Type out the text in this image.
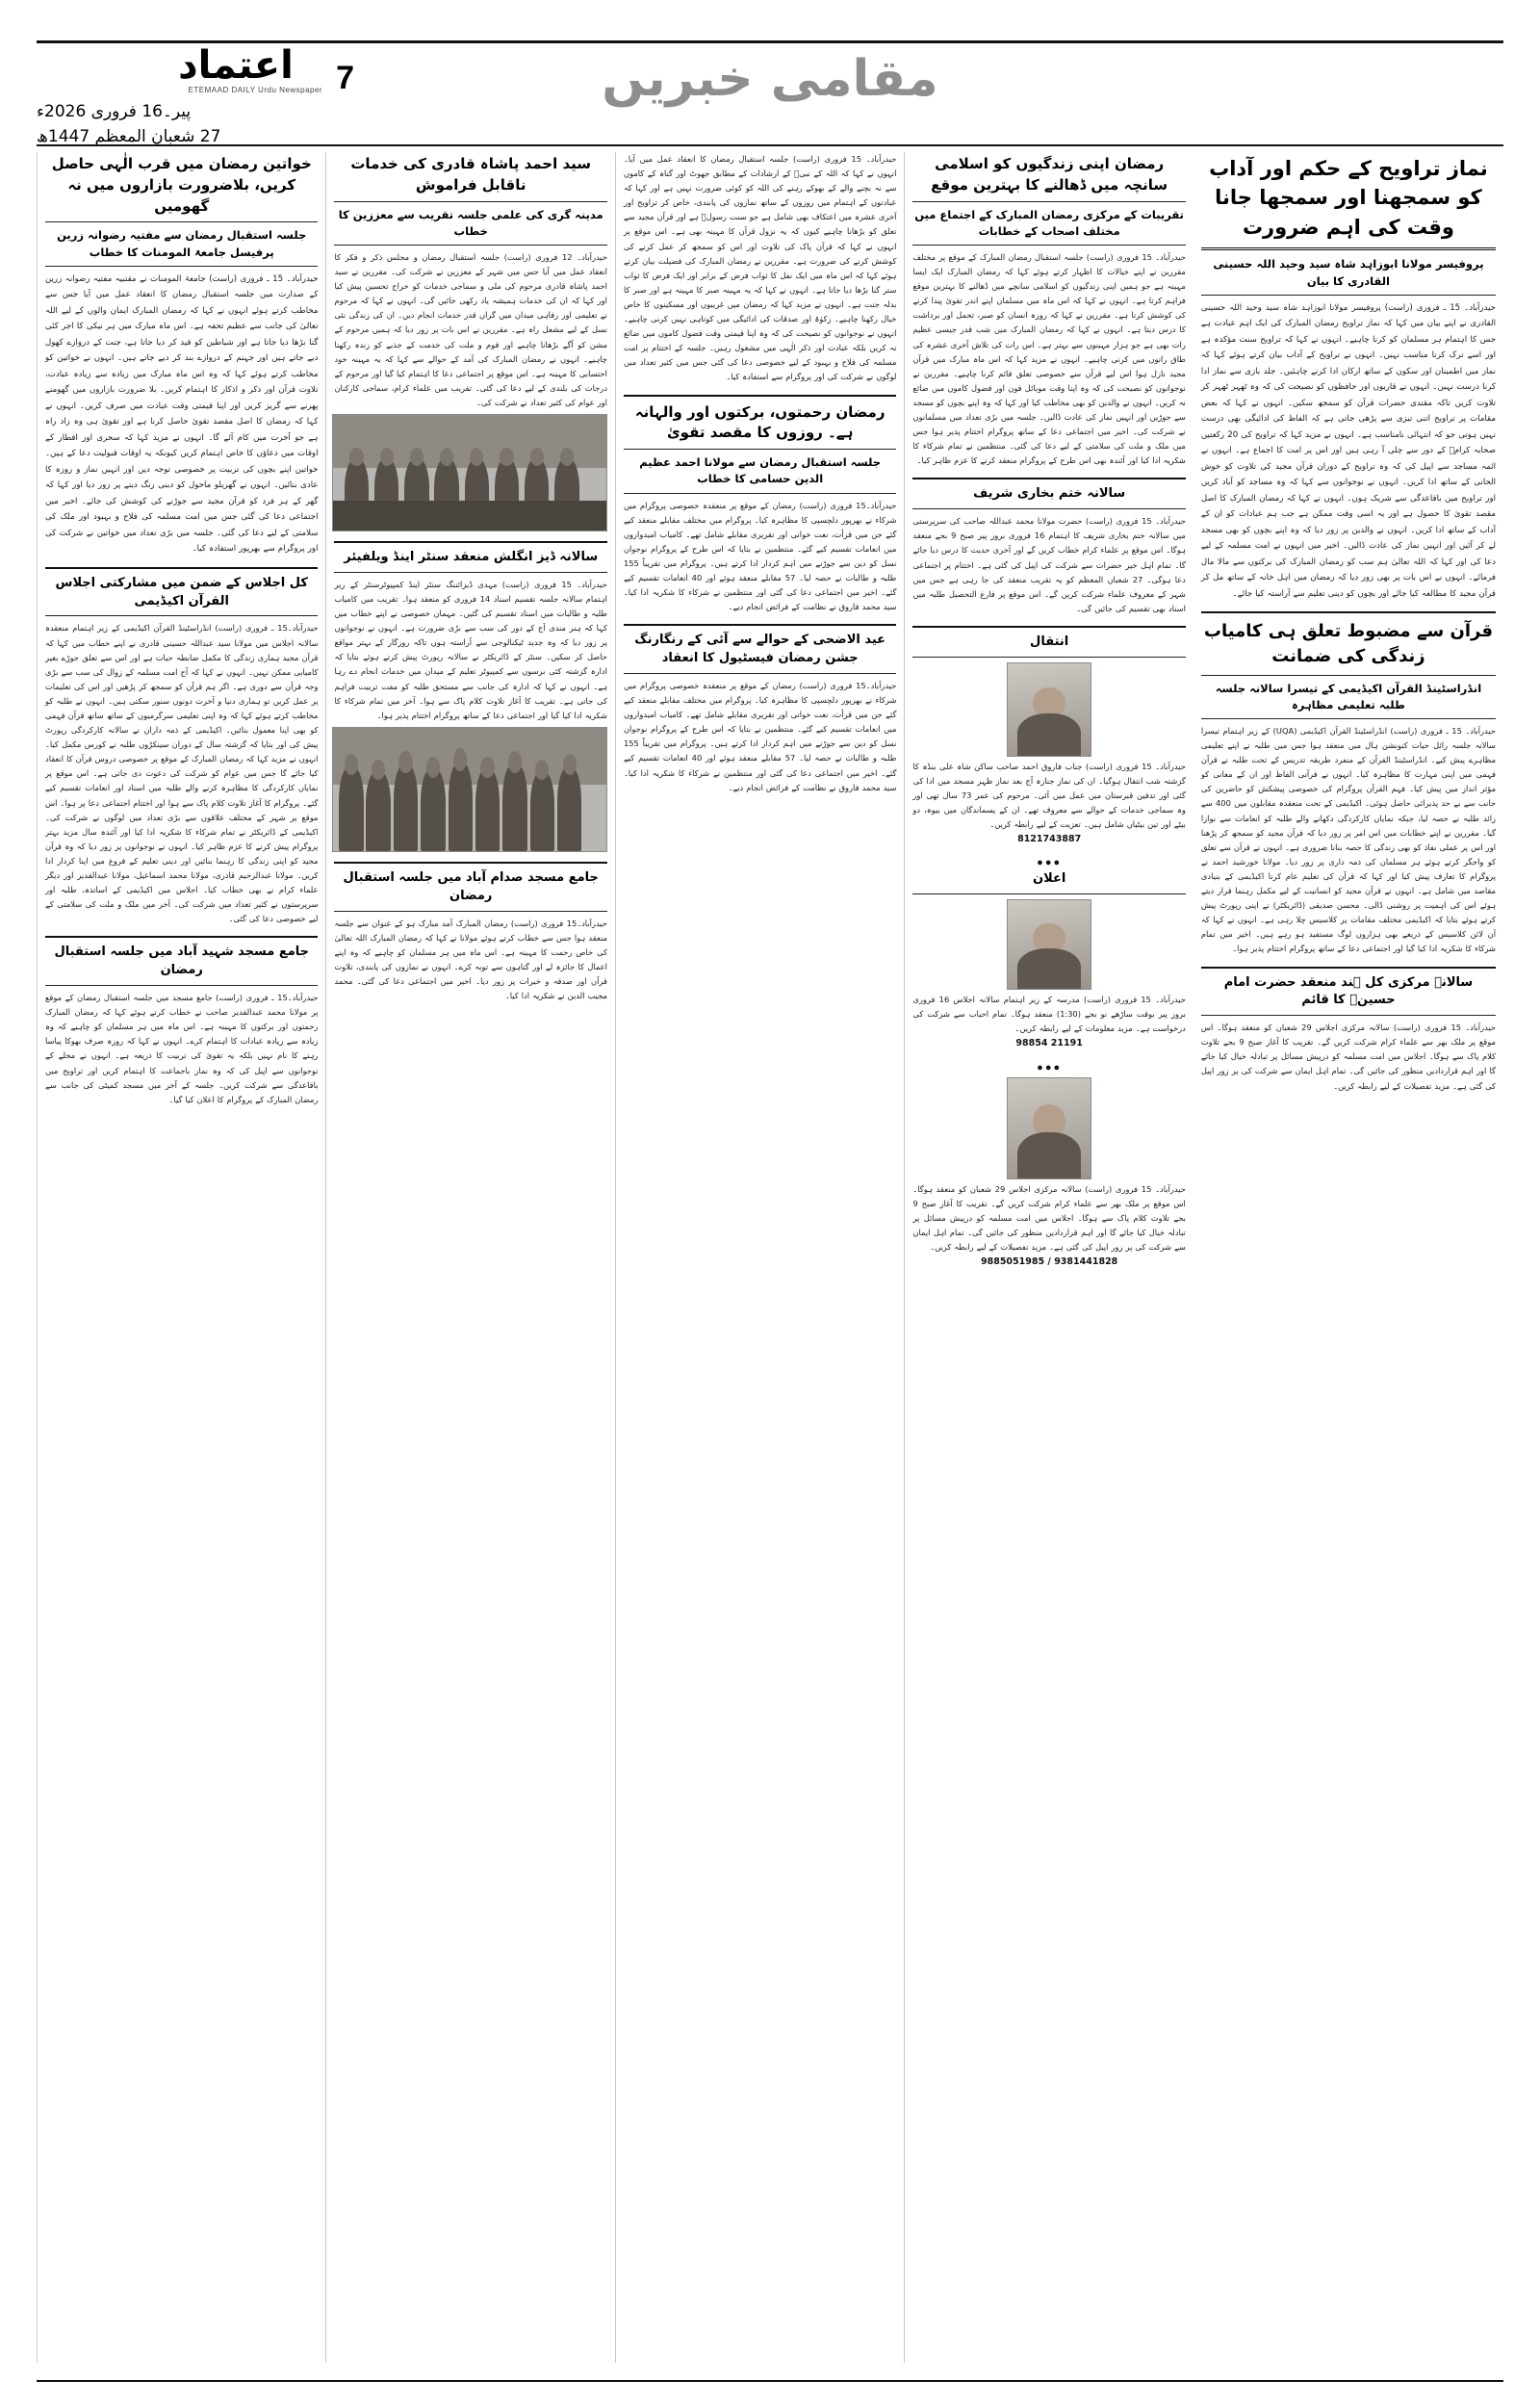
7
اعتماد
ETEMAAD DAILY Urdu Newspaper
پیر۔16 فروری 2026ء
27 شعبان المعظم 1447ھ
مقامی خبریں
خواتین رمضان میں قرب الٰہی حاصل کریں، بلاضرورت بازاروں میں نہ گھومیں
جلسہ استقبال رمضان سے مفتیہ رضوانہ زرین پرفیسل جامعۃ المومنات کا خطاب
حیدرآباد۔ 15 ـ فروری (راست) جامعۃ المومنات نے مقتبیہ مفتیہ رضوانہ زرین کے صدارت میں جلسہ استقبال رمضان کا انعقاد عمل میں آیا جس سے مخاطب کرتے ہوئے انہوں نے کہا کہ رمضان المبارک ایمان والوں کے لیے اللہ تعالیٰ کی جانب سے عظیم تحفہ ہے۔ اس ماہ مبارک میں ہر نیکی کا اجر کئی گنا بڑھا دیا جاتا ہے اور شیاطین کو قید کر دیا جاتا ہے، جنت کے دروازے کھول دیے جاتے ہیں اور جہنم کے دروازے بند کر دیے جاتے ہیں۔ انہوں نے خواتین کو مخاطب کرتے ہوئے کہا کہ وہ اس ماہ مبارک میں زیادہ سے زیادہ عبادت، تلاوت قرآن اور ذکر و اذکار کا اہتمام کریں۔ بلا ضرورت بازاروں میں گھومنے پھرنے سے گریز کریں اور اپنا قیمتی وقت عبادت میں صرف کریں۔ انہوں نے کہا کہ رمضان کا اصل مقصد تقویٰ حاصل کرنا ہے اور تقویٰ ہی وہ زاد راہ ہے جو آخرت میں کام آئے گا۔ انہوں نے مزید کہا کہ سحری اور افطار کے اوقات میں دعاؤں کا خاص اہتمام کریں کیونکہ یہ اوقات قبولیت دعا کے ہیں۔ خواتین اپنے بچوں کی تربیت پر خصوصی توجہ دیں اور انہیں نماز و روزہ کا عادی بنائیں۔ انہوں نے گھریلو ماحول کو دینی رنگ دینے پر زور دیا اور کہا کہ گھر کے ہر فرد کو قرآن مجید سے جوڑنے کی کوشش کی جائے۔ اخیر میں اجتماعی دعا کی گئی جس میں امت مسلمہ کی فلاح و بہبود اور ملک کی سلامتی کے لیے دعا کی گئی۔ جلسہ میں بڑی تعداد میں خواتین نے شرکت کی اور پروگرام سے بھرپور استفادہ کیا۔
کل اجلاس کے ضمن میں مشارکتی اجلاس القرآن اکیڈیمی
حیدرآباد۔15 ـ فروری (راست) انڈراسٹینڈ القرآن اکیڈیمی کے زیر اہتمام منعقدہ سالانہ اجلاس میں مولانا سید عبداللہ حسینی قادری نے اپنے خطاب میں کہا کہ قرآن مجید ہماری زندگی کا مکمل ضابطہ حیات ہے اور اس سے تعلق جوڑے بغیر کامیابی ممکن نہیں۔ انہوں نے کہا کہ آج امت مسلمہ کے زوال کی سب سے بڑی وجہ قرآن سے دوری ہے۔ اگر ہم قرآن کو سمجھ کر پڑھیں اور اس کی تعلیمات پر عمل کریں تو ہماری دنیا و آخرت دونوں سنور سکتی ہیں۔ انہوں نے طلبہ کو مخاطب کرتے ہوئے کہا کہ وہ اپنی تعلیمی سرگرمیوں کے ساتھ ساتھ قرآن فہمی کو بھی اپنا معمول بنائیں۔ اکیڈیمی کے ذمہ داران نے سالانہ کارکردگی رپورٹ پیش کی اور بتایا کہ گزشتہ سال کے دوران سینکڑوں طلبہ نے کورس مکمل کیا۔ انہوں نے مزید کہا کہ رمضان المبارک کے موقع پر خصوصی دروس قرآن کا انعقاد کیا جائے گا جس میں عوام کو شرکت کی دعوت دی جاتی ہے۔ اس موقع پر نمایاں کارکردگی کا مظاہرہ کرنے والے طلبہ میں اسناد اور انعامات تقسیم کیے گئے۔ پروگرام کا آغاز تلاوت کلام پاک سے ہوا اور اختتام اجتماعی دعا پر ہوا۔ اس موقع پر شہر کے مختلف علاقوں سے بڑی تعداد میں لوگوں نے شرکت کی۔ اکیڈیمی کے ڈائریکٹر نے تمام شرکاء کا شکریہ ادا کیا اور آئندہ سال مزید بہتر پروگرام پیش کرنے کا عزم ظاہر کیا۔ انہوں نے نوجوانوں پر زور دیا کہ وہ قرآن مجید کو اپنی زندگی کا رہنما بنائیں اور دینی تعلیم کے فروغ میں اپنا کردار ادا کریں۔ مولانا عبدالرحیم قادری، مولانا محمد اسماعیل، مولانا عبدالقدیر اور دیگر علماء کرام نے بھی خطاب کیا۔ اجلاس میں اکیڈیمی کے اساتذہ، طلبہ اور سرپرستوں نے کثیر تعداد میں شرکت کی۔ آخر میں ملک و ملت کی سلامتی کے لیے خصوصی دعا کی گئی۔
جامع مسجد شہید آباد میں جلسہ استقبال رمضان
حیدرآباد۔15 ـ فروری (راست) جامع مسجد میں جلسہ استقبال رمضان کے موقع پر مولانا محمد عبدالقدیر صاحب نے خطاب کرتے ہوئے کہا کہ رمضان المبارک رحمتوں اور برکتوں کا مہینہ ہے۔ اس ماہ میں ہر مسلمان کو چاہیے کہ وہ زیادہ سے زیادہ عبادات کا اہتمام کرے۔ انہوں نے کہا کہ روزہ صرف بھوکا پیاسا رہنے کا نام نہیں بلکہ یہ تقویٰ کی تربیت کا ذریعہ ہے۔ انہوں نے محلے کے نوجوانوں سے اپیل کی کہ وہ نماز باجماعت کا اہتمام کریں اور تراویح میں باقاعدگی سے شرکت کریں۔ جلسہ کے آخر میں مسجد کمیٹی کی جانب سے رمضان المبارک کے پروگرام کا اعلان کیا گیا۔
سید احمد پاشاہ قادری کی خدمات ناقابل فراموش
مدینہ گری کی علمی جلسہ تقریب سے معززین کا خطاب
حیدرآباد۔ 12 فروری (راست) جلسہ استقبال رمضان و مجلس ذکر و فکر کا انعقاد عمل میں آیا جس میں شہر کے معززین نے شرکت کی۔ مقررین نے سید احمد پاشاہ قادری مرحوم کی ملی و سماجی خدمات کو خراج تحسین پیش کیا اور کہا کہ ان کی خدمات ہمیشہ یاد رکھی جائیں گی۔ انہوں نے کہا کہ مرحوم نے تعلیمی اور رفاہی میدان میں گراں قدر خدمات انجام دیں۔ ان کی زندگی نئی نسل کے لیے مشعل راہ ہے۔ مقررین نے اس بات پر زور دیا کہ ہمیں مرحوم کے مشن کو آگے بڑھانا چاہیے اور قوم و ملت کی خدمت کے جذبے کو زندہ رکھنا چاہیے۔ انہوں نے رمضان المبارک کی آمد کے حوالے سے کہا کہ یہ مہینہ خود احتسابی کا مہینہ ہے۔ اس موقع پر اجتماعی دعا کا اہتمام کیا گیا اور مرحوم کے درجات کی بلندی کے لیے دعا کی گئی۔ تقریب میں علماء کرام، سماجی کارکنان اور عوام کی کثیر تعداد نے شرکت کی۔
سالانہ ڈیز انگلش منعقد سنٹر اینڈ ویلفیئر
حیدرآباد۔ 15 فروری (راست) مہدی ڈیزائننگ سنٹر اینڈ کمپیوٹرسنٹر کے زیر اہتمام سالانہ جلسہ تقسیم اسناد 14 فروری کو منعقد ہوا۔ تقریب میں کامیاب طلبہ و طالبات میں اسناد تقسیم کی گئیں۔ مہمان خصوصی نے اپنے خطاب میں کہا کہ ہنر مندی آج کے دور کی سب سے بڑی ضرورت ہے۔ انہوں نے نوجوانوں پر زور دیا کہ وہ جدید ٹیکنالوجی سے آراستہ ہوں تاکہ روزگار کے بہتر مواقع حاصل کر سکیں۔ سنٹر کے ڈائریکٹر نے سالانہ رپورٹ پیش کرتے ہوئے بتایا کہ ادارہ گزشتہ کئی برسوں سے کمپیوٹر تعلیم کے میدان میں خدمات انجام دے رہا ہے۔ انہوں نے کہا کہ ادارہ کی جانب سے مستحق طلبہ کو مفت تربیت فراہم کی جاتی ہے۔ تقریب کا آغاز تلاوت کلام پاک سے ہوا۔ آخر میں تمام شرکاء کا شکریہ ادا کیا گیا اور اجتماعی دعا کے ساتھ پروگرام اختتام پذیر ہوا۔
جامع مسجد صدام آباد میں جلسہ استقبال رمضان
حیدرآباد۔15 فروری (راست) رمضان المبارک آمد مبارک ہو کے عنوان سے جلسہ منعقد ہوا جس سے خطاب کرتے ہوئے مولانا نے کہا کہ رمضان المبارک اللہ تعالیٰ کی خاص رحمت کا مہینہ ہے۔ اس ماہ میں ہر مسلمان کو چاہیے کہ وہ اپنے اعمال کا جائزہ لے اور گناہوں سے توبہ کرے۔ انہوں نے نمازوں کی پابندی، تلاوت قرآن اور صدقہ و خیرات پر زور دیا۔ اخیر میں اجتماعی دعا کی گئی۔ محمد مجیب الدین نے شکریہ ادا کیا۔
حیدرآباد۔ 15 فروری (راست) جلسہ استقبال رمضان کا انعقاد عمل میں آیا۔ انہوں نے کہا کہ اللہ کے نبیؐ کے ارشادات کے مطابق جھوٹ اور گناہ کے کاموں سے نہ بچنے والے کے بھوکے رہنے کی اللہ کو کوئی ضرورت نہیں ہے اور کہا کہ عبادتوں کے اہتمام میں روزوں کے ساتھ نمازوں کی پابندی، خاص کر تراویح اور آخری عشرہ میں اعتکاف بھی شامل ہے جو سنت رسولؐ ہے اور قرآن مجید سے تعلق کو بڑھانا چاہیے کیوں کہ یہ نزول قرآن کا مہینہ بھی ہے۔ اس موقع پر انہوں نے کہا کہ قرآن پاک کی تلاوت اور اس کو سمجھ کر عمل کرنے کی کوشش کرنے کی ضرورت ہے۔ مقررین نے رمضان المبارک کی فضیلت بیان کرتے ہوئے کہا کہ اس ماہ میں ایک نفل کا ثواب فرض کے برابر اور ایک فرض کا ثواب ستر گنا بڑھا دیا جاتا ہے۔ انہوں نے کہا کہ یہ مہینہ صبر کا مہینہ ہے اور صبر کا بدلہ جنت ہے۔ انہوں نے مزید کہا کہ رمضان میں غریبوں اور مسکینوں کا خاص خیال رکھنا چاہیے۔ زکوٰۃ اور صدقات کی ادائیگی میں کوتاہی نہیں کرنی چاہیے۔ انہوں نے نوجوانوں کو نصیحت کی کہ وہ اپنا قیمتی وقت فضول کاموں میں ضائع نہ کریں بلکہ عبادت اور ذکر الٰہی میں مشغول رہیں۔ جلسہ کے اختتام پر امت مسلمہ کی فلاح و بہبود کے لیے خصوصی دعا کی گئی جس میں کثیر تعداد میں لوگوں نے شرکت کی اور پروگرام سے استفادہ کیا۔
رمضان رحمتوں، برکتوں اور والہانہ ہے۔ روزوں کا مقصد تقویٰ
جلسہ استقبال رمضان سے مولانا احمد عظیم الدین حسامی کا خطاب
حیدرآباد۔15 فروری (راست) رمضان کے موقع پر منعقدہ خصوصی پروگرام میں شرکاء نے بھرپور دلچسپی کا مظاہرہ کیا۔ پروگرام میں مختلف مقابلے منعقد کیے گئے جن میں قرأت، نعت خوانی اور تقریری مقابلے شامل تھے۔ کامیاب امیدواروں میں انعامات تقسیم کیے گئے۔ منتظمین نے بتایا کہ اس طرح کے پروگرام نوجوان نسل کو دین سے جوڑنے میں اہم کردار ادا کرتے ہیں۔ پروگرام میں تقریباً 155 طلبہ و طالبات نے حصہ لیا۔ 57 مقابلے منعقد ہوئے اور 40 انعامات تقسیم کیے گئے۔ اخیر میں اجتماعی دعا کی گئی اور منتظمین نے شرکاء کا شکریہ ادا کیا۔ سید محمد فاروق نے نظامت کے فرائض انجام دیے۔
عید الاضحی کے حوالے سے آئی کے رنگارنگ جشن رمضان فیسٹیول کا انعقاد
حیدرآباد۔15 فروری (راست) رمضان کے موقع پر منعقدہ خصوصی پروگرام میں شرکاء نے بھرپور دلچسپی کا مظاہرہ کیا۔ پروگرام میں مختلف مقابلے منعقد کیے گئے جن میں قرأت، نعت خوانی اور تقریری مقابلے شامل تھے۔ کامیاب امیدواروں میں انعامات تقسیم کیے گئے۔ منتظمین نے بتایا کہ اس طرح کے پروگرام نوجوان نسل کو دین سے جوڑنے میں اہم کردار ادا کرتے ہیں۔ پروگرام میں تقریباً 155 طلبہ و طالبات نے حصہ لیا۔ 57 مقابلے منعقد ہوئے اور 40 انعامات تقسیم کیے گئے۔ اخیر میں اجتماعی دعا کی گئی اور منتظمین نے شرکاء کا شکریہ ادا کیا۔ سید محمد فاروق نے نظامت کے فرائض انجام دیے۔
رمضان اپنی زندگیوں کو اسلامی سانچہ میں ڈھالنے کا بہترین موقع
تقریبات کے مرکزی رمضان المبارک کے اجتماع میں مختلف اصحاب کے خطابات
حیدرآباد۔ 15 فروری (راست) جلسہ استقبال رمضان المبارک کے موقع پر مختلف مقررین نے اپنے خیالات کا اظہار کرتے ہوئے کہا کہ رمضان المبارک ایک ایسا مہینہ ہے جو ہمیں اپنی زندگیوں کو اسلامی سانچے میں ڈھالنے کا بہترین موقع فراہم کرتا ہے۔ انہوں نے کہا کہ اس ماہ میں مسلمان اپنے اندر تقویٰ پیدا کرنے کی کوشش کرتا ہے۔ مقررین نے کہا کہ روزہ انسان کو صبر، تحمل اور برداشت کا درس دیتا ہے۔ انہوں نے کہا کہ رمضان المبارک میں شب قدر جیسی عظیم رات بھی ہے جو ہزار مہینوں سے بہتر ہے۔ اس رات کی تلاش آخری عشرہ کی طاق راتوں میں کرنی چاہیے۔ انہوں نے مزید کہا کہ اس ماہ مبارک میں قرآن مجید نازل ہوا اس لیے قرآن سے خصوصی تعلق قائم کرنا چاہیے۔ مقررین نے نوجوانوں کو نصیحت کی کہ وہ اپنا وقت موبائل فون اور فضول کاموں میں ضائع نہ کریں۔ انہوں نے والدین کو بھی مخاطب کیا اور کہا کہ وہ اپنے بچوں کو مسجد سے جوڑیں اور انہیں نماز کی عادت ڈالیں۔ جلسہ میں بڑی تعداد میں مسلمانوں نے شرکت کی۔ اخیر میں اجتماعی دعا کے ساتھ پروگرام اختتام پذیر ہوا جس میں ملک و ملت کی سلامتی کے لیے دعا کی گئی۔ منتظمین نے تمام شرکاء کا شکریہ ادا کیا اور آئندہ بھی اس طرح کے پروگرام منعقد کرنے کا عزم ظاہر کیا۔
سالانہ ختم بخاری شریف
حیدرآباد۔ 15 فروری (راست) حضرت مولانا محمد عبداللہ صاحب کی سرپرستی میں سالانہ ختم بخاری شریف کا اہتمام 16 فروری بروز پیر صبح 9 بجے منعقد ہوگا۔ اس موقع پر علماء کرام خطاب کریں گے اور آخری حدیث کا درس دیا جائے گا۔ تمام اہل خیر حضرات سے شرکت کی اپیل کی گئی ہے۔ اختتام پر اجتماعی دعا ہوگی۔ 27 شعبان المعظم کو یہ تقریب منعقد کی جا رہی ہے جس میں شہر کے معروف علماء شرکت کریں گے۔ اس موقع پر فارغ التحصیل طلبہ میں اسناد بھی تقسیم کی جائیں گی۔
انتقال
حیدرآباد۔ 15 فروری (راست) جناب فاروق احمد صاحب ساکن شاہ علی بنڈہ کا گزشتہ شب انتقال ہوگیا۔ ان کی نماز جنازہ آج بعد نماز ظہر مسجد میں ادا کی گئی اور تدفین قبرستان میں عمل میں آئی۔ مرحوم کی عمر 73 سال تھی اور وہ سماجی خدمات کے حوالے سے معروف تھے۔ ان کے پسماندگان میں بیوہ، دو بیٹے اور تین بیٹیاں شامل ہیں۔ تعزیت کے لیے رابطہ کریں۔
8121743887
●●●
اعلان
حیدرآباد۔ 15 فروری (راست) مدرسہ کے زیر اہتمام سالانہ اجلاس 16 فروری بروز پیر بوقت ساڑھے نو بجے (1:30) منعقد ہوگا۔ تمام احباب سے شرکت کی درخواست ہے۔ مزید معلومات کے لیے رابطہ کریں۔
21191 98854
●●●
حیدرآباد۔ 15 فروری (راست) سالانہ مرکزی اجلاس 29 شعبان کو منعقد ہوگا۔ اس موقع پر ملک بھر سے علماء کرام شرکت کریں گے۔ تقریب کا آغاز صبح 9 بجے تلاوت کلام پاک سے ہوگا۔ اجلاس میں امت مسلمہ کو درپیش مسائل پر تبادلہ خیال کیا جائے گا اور اہم قراردادیں منظور کی جائیں گی۔ تمام اہل ایمان سے شرکت کی پر زور اپیل کی گئی ہے۔ مزید تفصیلات کے لیے رابطہ کریں۔
9381441828 / 9885051985
نماز تراویح کے حکم اور آداب کو سمجھنا اور سمجھا جانا وقت کی اہم ضرورت
پروفیسر مولانا ابوزاہد شاہ سید وحید اللہ حسینی القادری کا بیان
حیدرآباد۔ 15 ـ فروری (راست) پروفیسر مولانا ابوزاہد شاہ سید وحید اللہ حسینی القادری نے اپنے بیان میں کہا کہ نماز تراویح رمضان المبارک کی ایک اہم عبادت ہے جس کا اہتمام ہر مسلمان کو کرنا چاہیے۔ انہوں نے کہا کہ تراویح سنت مؤکدہ ہے اور اسے ترک کرنا مناسب نہیں۔ انہوں نے تراویح کے آداب بیان کرتے ہوئے کہا کہ نماز میں اطمینان اور سکون کے ساتھ ارکان ادا کرنے چاہئیں۔ جلد بازی سے نماز ادا کرنا درست نہیں۔ انہوں نے قاریوں اور حافظوں کو نصیحت کی کہ وہ ٹھہر ٹھہر کر تلاوت کریں تاکہ مقتدی حضرات قرآن کو سمجھ سکیں۔ انہوں نے کہا کہ بعض مقامات پر تراویح اتنی تیزی سے پڑھی جاتی ہے کہ الفاظ کی ادائیگی بھی درست نہیں ہوتی جو کہ انتہائی نامناسب ہے۔ انہوں نے مزید کہا کہ تراویح کی 20 رکعتیں صحابہ کرامؓ کے دور سے چلی آ رہی ہیں اور اس پر امت کا اجماع ہے۔ انہوں نے ائمہ مساجد سے اپیل کی کہ وہ تراویح کے دوران قرآن مجید کی تلاوت کو خوش الحانی کے ساتھ ادا کریں۔ انہوں نے نوجوانوں سے کہا کہ وہ مساجد کو آباد کریں اور تراویح میں باقاعدگی سے شریک ہوں۔ انہوں نے کہا کہ رمضان المبارک کا اصل مقصد تقویٰ کا حصول ہے اور یہ اسی وقت ممکن ہے جب ہم عبادات کو ان کے آداب کے ساتھ ادا کریں۔ انہوں نے والدین پر زور دیا کہ وہ اپنے بچوں کو بھی مسجد لے کر آئیں اور انہیں نماز کی عادت ڈالیں۔ اخیر میں انہوں نے امت مسلمہ کے لیے دعا کی اور کہا کہ اللہ تعالیٰ ہم سب کو رمضان المبارک کی برکتوں سے مالا مال فرمائے۔ انہوں نے اس بات پر بھی زور دیا کہ رمضان میں اہل خانہ کے ساتھ مل کر قرآن مجید کا مطالعہ کیا جائے اور بچوں کو دینی تعلیم سے آراستہ کیا جائے۔
قرآن سے مضبوط تعلق ہی کامیاب زندگی کی ضمانت
انڈراسٹینڈ القرآن اکیڈیمی کے تیسرا سالانہ جلسہ طلبہ تعلیمی مظاہرہ
حیدرآباد۔ 15 ـ فروری (راست) انڈراسٹینڈ القرآن اکیڈیمی (UQA) کے زیر اہتمام تیسرا سالانہ جلسہ رائل حیات کنونشن ہال میں منعقد ہوا جس میں طلبہ نے اپنے تعلیمی مظاہرے پیش کیے۔ انڈراسٹینڈ القرآن کے منفرد طریقہ تدریس کے تحت طلبہ نے قرآن فہمی میں اپنی مہارت کا مظاہرہ کیا۔ انہوں نے قرآنی الفاظ اور ان کے معانی کو مؤثر انداز میں پیش کیا۔ فہم القرآن پروگرام کی خصوصی پیشکش کو حاضرین کی جانب سے بے حد پذیرائی حاصل ہوئی۔ اکیڈیمی کے تحت منعقدہ مقابلوں میں 400 سے زائد طلبہ نے حصہ لیا، جبکہ نمایاں کارکردگی دکھانے والے طلبہ کو انعامات سے نوازا گیا۔ مقررین نے اپنے خطابات میں اس امر پر زور دیا کہ قرآن مجید کو سمجھ کر پڑھنا اور اس پر عملی نفاذ کو بھی زندگی کا حصہ بنانا ضروری ہے۔ انہوں نے قرآن سے تعلق کو واجگر کرتے ہوئے ہر مسلمان کی ذمہ داری پر زور دیا۔ مولانا خورشید احمد نے پروگرام کا تعارف پیش کیا اور کہا کہ قرآن کی تعلیم عام کرنا اکیڈیمی کے بنیادی مقاصد میں شامل ہے۔ انہوں نے قرآن مجید کو انسانیت کے لیے مکمل رہنما قرار دیتے ہوئے اس کی اہمیت پر روشنی ڈالی۔ محسن صدیقی (ڈائریکٹر) نے اپنی رپورٹ پیش کرتے ہوئے بتایا کہ اکیڈیمی مختلف مقامات پر کلاسیس چلا رہی ہے۔ انہوں نے کہا کہ آن لائن کلاسیس کے ذریعے بھی ہزاروں لوگ مستفید ہو رہے ہیں۔ اخیر میں تمام شرکاء کا شکریہ ادا کیا گیا اور اجتماعی دعا کے ساتھ پروگرام اختتام پذیر ہوا۔
سالانہ مرکزی کل ہند منعقد حضرت امام حسینؓ کا قائم
حیدرآباد۔ 15 فروری (راست) سالانہ مرکزی اجلاس 29 شعبان کو منعقد ہوگا۔ اس موقع پر ملک بھر سے علماء کرام شرکت کریں گے۔ تقریب کا آغاز صبح 9 بجے تلاوت کلام پاک سے ہوگا۔ اجلاس میں امت مسلمہ کو درپیش مسائل پر تبادلہ خیال کیا جائے گا اور اہم قراردادیں منظور کی جائیں گی۔ تمام اہل ایمان سے شرکت کی پر زور اپیل کی گئی ہے۔ مزید تفصیلات کے لیے رابطہ کریں۔
